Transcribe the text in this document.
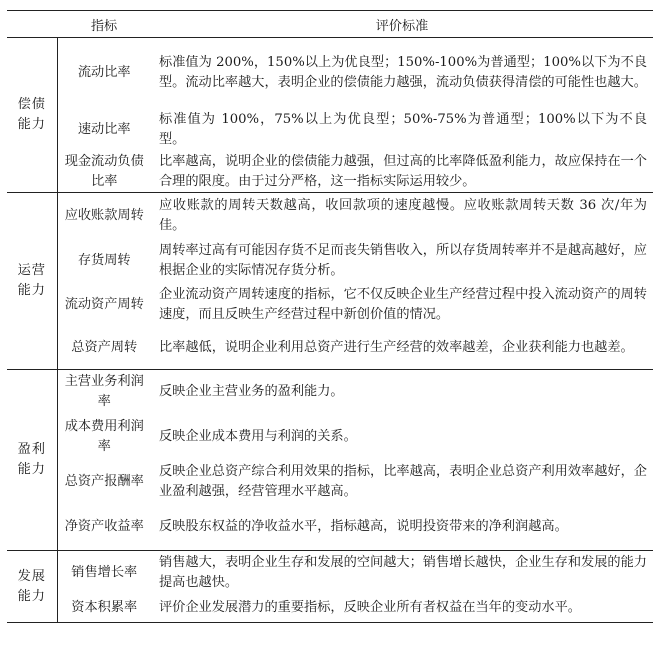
	指标	评价标准
偿债能力	流动比率	标准值为 200%，150%以上为优良型；150%-100%为普通型；100%以下为不良型。流动比率越大，表明企业的偿债能力越强，流动负债获得清偿的可能性也越大。
	速动比率	标准值为 100%，75%以上为优良型；50%-75%为普通型；100%以下为不良型。
	现金流动负债比率	比率越高，说明企业的偿债能力越强，但过高的比率降低盈利能力，故应保持在一个合理的限度。由于过分严格，这一指标实际运用较少。
运营能力	应收账款周转	应收账款的周转天数越高，收回款项的速度越慢。应收账款周转天数 36 次/年为佳。
	存货周转	周转率过高有可能因存货不足而丧失销售收入，所以存货周转率并不是越高越好，应根据企业的实际情况存货分析。
	流动资产周转	企业流动资产周转速度的指标，它不仅反映企业生产经营过程中投入流动资产的周转速度，而且反映生产经营过程中新创价值的情况。
	总资产周转	比率越低，说明企业利用总资产进行生产经营的效率越差，企业获利能力也越差。
盈利能力	主营业务利润率	反映企业主营业务的盈利能力。
	成本费用利润率	反映企业成本费用与利润的关系。
	总资产报酬率	反映企业总资产综合利用效果的指标，比率越高，表明企业总资产利用效率越好，企业盈利越强，经营管理水平越高。
	净资产收益率	反映股东权益的净收益水平，指标越高，说明投资带来的净利润越高。
发展能力	销售增长率	销售越大，表明企业生存和发展的空间越大；销售增长越快，企业生存和发展的能力提高也越快。
	资本积累率	评价企业发展潜力的重要指标，反映企业所有者权益在当年的变动水平。
